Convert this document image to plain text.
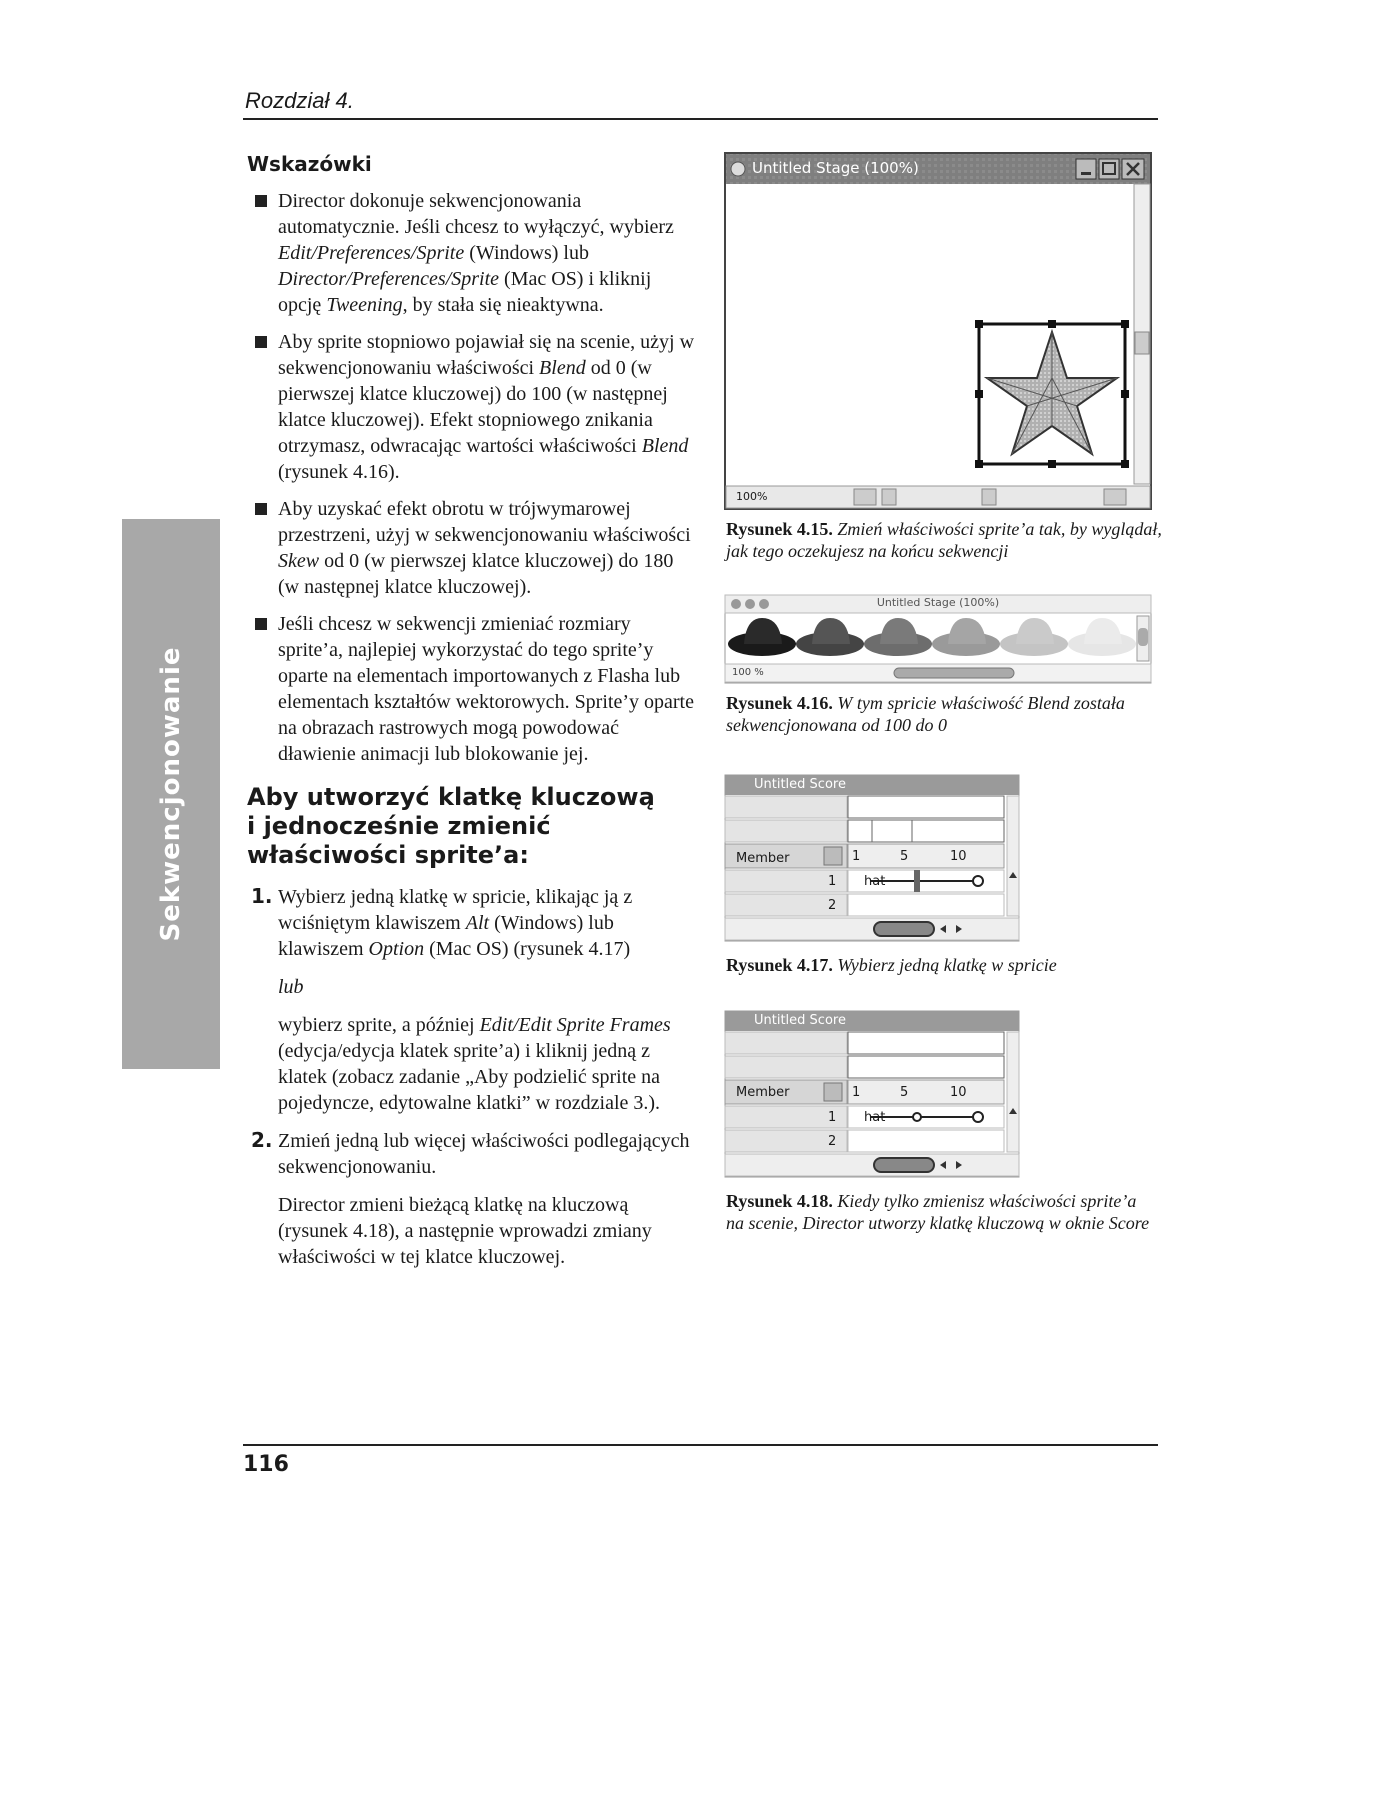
Rozdział 4.
Sekwencjonowanie
Wskazówki
Director dokonuje sekwencjonowania automatycznie. Jeśli chcesz to wyłączyć, wybierz Edit/Preferences/Sprite (Windows) lub Director/Preferences/Sprite (Mac OS) i kliknij opcję Tweening, by stała się nieaktywna.
Aby sprite stopniowo pojawiał się na scenie, użyj w sekwencjonowaniu właściwości Blend od 0 (w pierwszej klatce kluczowej) do 100 (w następnej klatce kluczowej). Efekt stopniowego znikania otrzymasz, odwracając wartości właściwości Blend (rysunek 4.16).
Aby uzyskać efekt obrotu w trójwymarowej przestrzeni, użyj w sekwencjonowaniu właściwości Skew od 0 (w pierwszej klatce kluczowej) do 180 (w następnej klatce kluczowej).
Jeśli chcesz w sekwencji zmieniać rozmiary sprite’a, najlepiej wykorzystać do tego sprite’y oparte na elementach importowanych z Flasha lub elementach kształtów wektorowych. Sprite’y oparte na obrazach rastrowych mogą powodować dławienie animacji lub blokowanie jej.
Aby utworzyć klatkę kluczową
i jednocześnie zmienić
właściwości sprite’a:
1. Wybierz jedną klatkę w spricie, klikając ją z wciśniętym klawiszem Alt (Windows) lub klawiszem Option (Mac OS) (rysunek 4.17)

lub

wybierz sprite, a później Edit/Edit Sprite Frames (edycja/edycja klatek sprite’a) i kliknij jedną z klatek (zobacz zadanie „Aby podzielić sprite na pojedyncze, edytowalne klatki” w rozdziale 3.).

2. Zmień jedną lub więcej właściwości podlegających sekwencjonowaniu.

Director zmieni bieżącą klatkę na kluczową (rysunek 4.18), a następnie wprowadzi zmiany właściwości w tej klatce kluczowej.

Untitled Stage (100%)
100%
Rysunek 4.15. Zmień właściwości sprite’a tak, by wyglądał, jak tego oczekujesz na końcu sekwencji
Untitled Stage (100%)
100 %
Rysunek 4.16. W tym spricie właściwość Blend została sekwencjonowana od 100 do 0
Untitled Score
Member	1	5	10
1
2
hat
Rysunek 4.17. Wybierz jedną klatkę w spricie
Untitled Score
Member	1	5	10
1
2
hat
Rysunek 4.18. Kiedy tylko zmienisz właściwości sprite’a na scenie, Director utworzy klatkę kluczową w oknie Score
116
